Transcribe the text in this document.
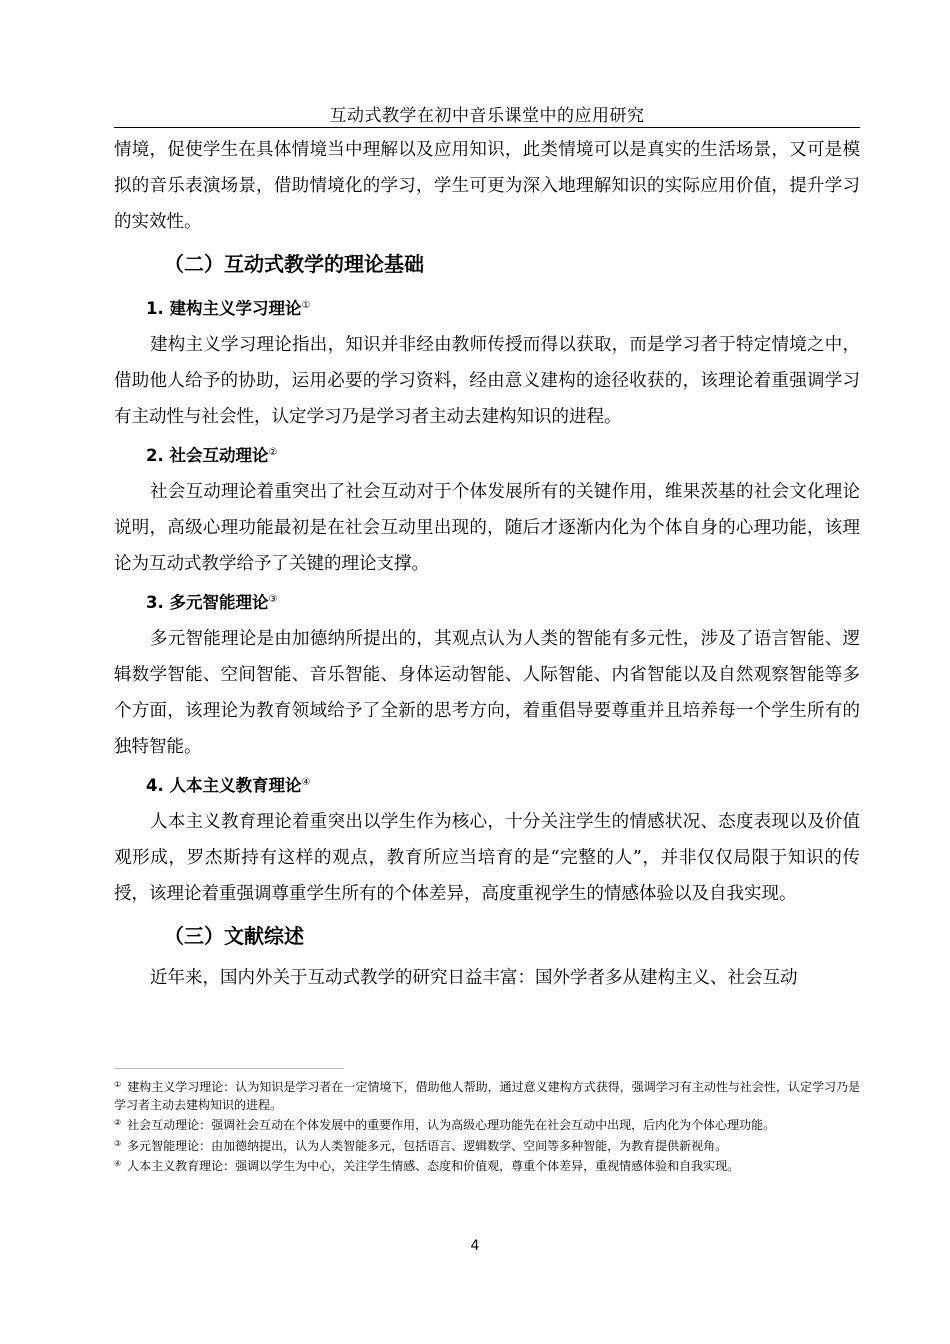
互动式教学在初中音乐课堂中的应用研究

情境，促使学生在具体情境当中理解以及应用知识，此类情境可以是真实的生活场景，又可是模拟的音乐表演场景，借助情境化的学习，学生可更为深入地理解知识的实际应用价值，提升学习的实效性。

（二）互动式教学的理论基础
1. 建构主义学习理论①

建构主义学习理论指出，知识并非经由教师传授而得以获取，而是学习者于特定情境之中，借助他人给予的协助，运用必要的学习资料，经由意义建构的途径收获的，该理论着重强调学习有主动性与社会性，认定学习乃是学习者主动去建构知识的进程。

2. 社会互动理论②

社会互动理论着重突出了社会互动对于个体发展所有的关键作用，维果茨基的社会文化理论说明，高级心理功能最初是在社会互动里出现的，随后才逐渐内化为个体自身的心理功能，该理论为互动式教学给予了关键的理论支撑。

3. 多元智能理论③

多元智能理论是由加德纳所提出的，其观点认为人类的智能有多元性，涉及了语言智能、逻辑数学智能、空间智能、音乐智能、身体运动智能、人际智能、内省智能以及自然观察智能等多个方面，该理论为教育领域给予了全新的思考方向，着重倡导要尊重并且培养每一个学生所有的独特智能。

4. 人本主义教育理论④

人本主义教育理论着重突出以学生作为核心，十分关注学生的情感状况、态度表现以及价值观形成，罗杰斯持有这样的观点，教育所应当培育的是“完整的人”，并非仅仅局限于知识的传授，该理论着重强调尊重学生所有的个体差异，高度重视学生的情感体验以及自我实现。

（三）文献综述

近年来，国内外关于互动式教学的研究日益丰富：国外学者多从建构主义、社会互动

① 建构主义学习理论：认为知识是学习者在一定情境下，借助他人帮助，通过意义建构方式获得，强调学习有主动性与社会性，认定学习乃是学习者主动去建构知识的进程。

② 社会互动理论：强调社会互动在个体发展中的重要作用，认为高级心理功能先在社会互动中出现，后内化为个体心理功能。

③ 多元智能理论：由加德纳提出，认为人类智能多元，包括语言、逻辑数学、空间等多种智能，为教育提供新视角。

④ 人本主义教育理论：强调以学生为中心，关注学生情感、态度和价值观，尊重个体差异，重视情感体验和自我实现。

4
